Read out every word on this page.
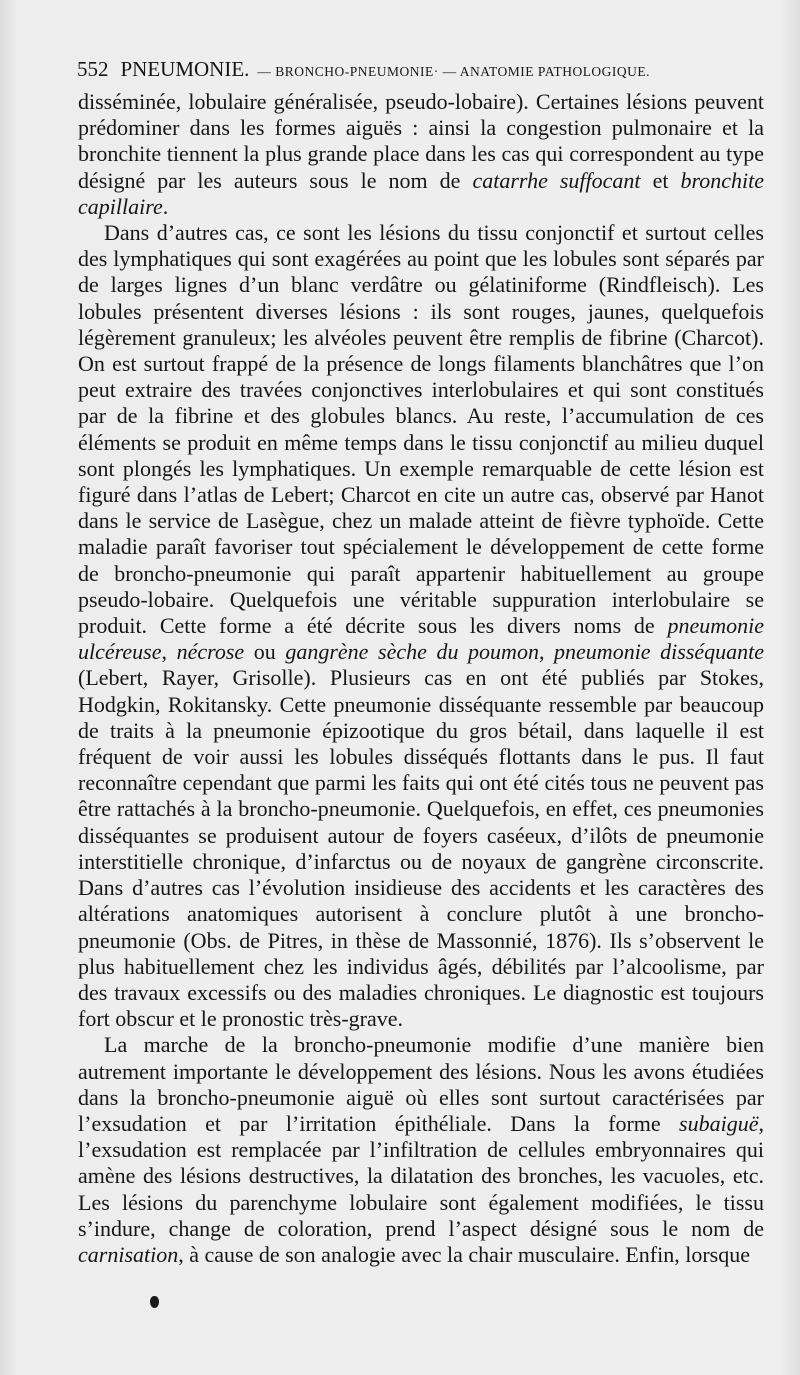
552 PNEUMONIE. — BRONCHO-PNEUMONIE· — ANATOMIE PATHOLOGIQUE.

disséminée, lobulaire généralisée, pseudo-lobaire). Certaines lésions peuvent prédominer dans les formes aiguës : ainsi la congestion pulmonaire et la bronchite tiennent la plus grande place dans les cas qui correspondent au type désigné par les auteurs sous le nom de catarrhe suffocant et bronchite capillaire.

Dans d’autres cas, ce sont les lésions du tissu conjonctif et surtout celles des lymphatiques qui sont exagérées au point que les lobules sont séparés par de larges lignes d’un blanc verdâtre ou gélatiniforme (Rindfleisch). Les lobules présentent diverses lésions : ils sont rouges, jaunes, quelquefois légèrement granuleux; les alvéoles peuvent être remplis de fibrine (Charcot). On est surtout frappé de la présence de longs filaments blanchâtres que l’on peut extraire des travées conjonctives interlobulaires et qui sont constitués par de la fibrine et des globules blancs. Au reste, l’accumulation de ces éléments se produit en même temps dans le tissu conjonctif au milieu duquel sont plongés les lymphatiques. Un exemple remarquable de cette lésion est figuré dans l’atlas de Lebert; Charcot en cite un autre cas, observé par Hanot dans le service de Lasègue, chez un malade atteint de fièvre typhoïde. Cette maladie paraît favoriser tout spécialement le développement de cette forme de broncho-pneumonie qui paraît appartenir habituellement au groupe pseudo-lobaire. Quelquefois une véritable suppuration interlobulaire se produit. Cette forme a été décrite sous les divers noms de pneumonie ulcéreuse, nécrose ou gangrène sèche du poumon, pneumonie disséquante (Lebert, Rayer, Grisolle). Plusieurs cas en ont été publiés par Stokes, Hodgkin, Rokitansky. Cette pneumonie disséquante ressemble par beaucoup de traits à la pneumonie épizootique du gros bétail, dans laquelle il est fréquent de voir aussi les lobules disséqués flottants dans le pus. Il faut reconnaître cependant que parmi les faits qui ont été cités tous ne peuvent pas être rattachés à la broncho-pneumonie. Quelquefois, en effet, ces pneumonies disséquantes se produisent autour de foyers caséeux, d’ilôts de pneumonie interstitielle chronique, d’infarctus ou de noyaux de gangrène circonscrite. Dans d’autres cas l’évolution insidieuse des accidents et les caractères des altérations anatomiques autorisent à conclure plutôt à une broncho-pneumonie (Obs. de Pitres, in thèse de Massonnié, 1876). Ils s’observent le plus habituellement chez les individus âgés, débilités par l’alcoolisme, par des travaux excessifs ou des maladies chroniques. Le diagnostic est toujours fort obscur et le pronostic très-grave.

La marche de la broncho-pneumonie modifie d’une manière bien autrement importante le développement des lésions. Nous les avons étudiées dans la broncho-pneumonie aiguë où elles sont surtout caractérisées par l’exsudation et par l’irritation épithéliale. Dans la forme subaiguë, l’exsudation est remplacée par l’infiltration de cellules embryonnaires qui amène des lésions destructives, la dilatation des bronches, les vacuoles, etc. Les lésions du parenchyme lobulaire sont également modifiées, le tissu s’indure, change de coloration, prend l’aspect désigné sous le nom de carnisation, à cause de son analogie avec la chair musculaire. Enfin, lorsque
